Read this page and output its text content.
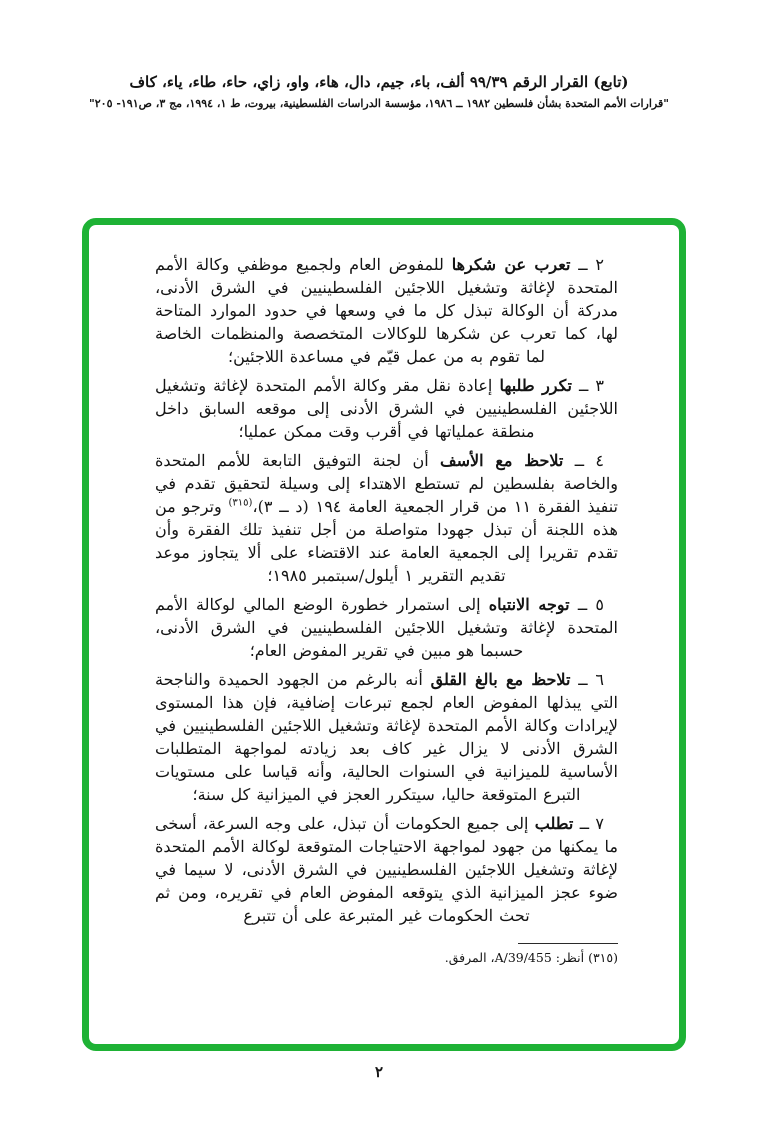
(تابع) القرار الرقم ٩٩/٣٩ ألف، باء، جيم، دال، هاء، واو، زاي، حاء، طاء، ياء، كاف
"قرارات الأمم المتحدة بشأن فلسطين ١٩٨٢ ــ ١٩٨٦، مؤسسة الدراسات الفلسطينية، بيروت، ط ١، ١٩٩٤، مج ٣، ص١٩١- ٢٠٥"

٢ ــ تعرب عن شكرها للمفوض العام ولجميع موظفي وكالة الأمم المتحدة لإغاثة وتشغيل اللاجئين الفلسطينيين في الشرق الأدنى، مدركة أن الوكالة تبذل كل ما في وسعها في حدود الموارد المتاحة لها، كما تعرب عن شكرها للوكالات المتخصصة والمنظمات الخاصة لما تقوم به من عمل قيّم في مساعدة اللاجئين؛

٣ ــ تكرر طلبها إعادة نقل مقر وكالة الأمم المتحدة لإغاثة وتشغيل اللاجئين الفلسطينيين في الشرق الأدنى إلى موقعه السابق داخل منطقة عملياتها في أقرب وقت ممكن عمليا؛

٤ ــ تلاحظ مع الأسف أن لجنة التوفيق التابعة للأمم المتحدة والخاصة بفلسطين لم تستطع الاهتداء إلى وسيلة لتحقيق تقدم في تنفيذ الفقرة ١١ من قرار الجمعية العامة ١٩٤ (د ــ ٣)،$^{(٣١٥)}$ وترجو من هذه اللجنة أن تبذل جهودا متواصلة من أجل تنفيذ تلك الفقرة وأن تقدم تقريرا إلى الجمعية العامة عند الاقتضاء على ألا يتجاوز موعد تقديم التقرير ١ أيلول/سبتمبر ١٩٨٥؛

٥ ــ توجه الانتباه إلى استمرار خطورة الوضع المالي لوكالة الأمم المتحدة لإغاثة وتشغيل اللاجئين الفلسطينيين في الشرق الأدنى، حسبما هو مبين في تقرير المفوض العام؛

٦ ــ تلاحظ مع بالغ القلق أنه بالرغم من الجهود الحميدة والناجحة التي يبذلها المفوض العام لجمع تبرعات إضافية، فإن هذا المستوى لإيرادات وكالة الأمم المتحدة لإغاثة وتشغيل اللاجئين الفلسطينيين في الشرق الأدنى لا يزال غير كاف بعد زيادته لمواجهة المتطلبات الأساسية للميزانية في السنوات الحالية، وأنه قياسا على مستويات التبرع المتوقعة حاليا، سيتكرر العجز في الميزانية كل سنة؛

٧ ــ تطلب إلى جميع الحكومات أن تبذل، على وجه السرعة، أسخى ما يمكنها من جهود لمواجهة الاحتياجات المتوقعة لوكالة الأمم المتحدة لإغاثة وتشغيل اللاجئين الفلسطينيين في الشرق الأدنى، لا سيما في ضوء عجز الميزانية الذي يتوقعه المفوض العام في تقريره، ومن ثم تحث الحكومات غير المتبرعة على أن تتبرع

(٣١٥) أنظر: A/39/455، المرفق.
٢
